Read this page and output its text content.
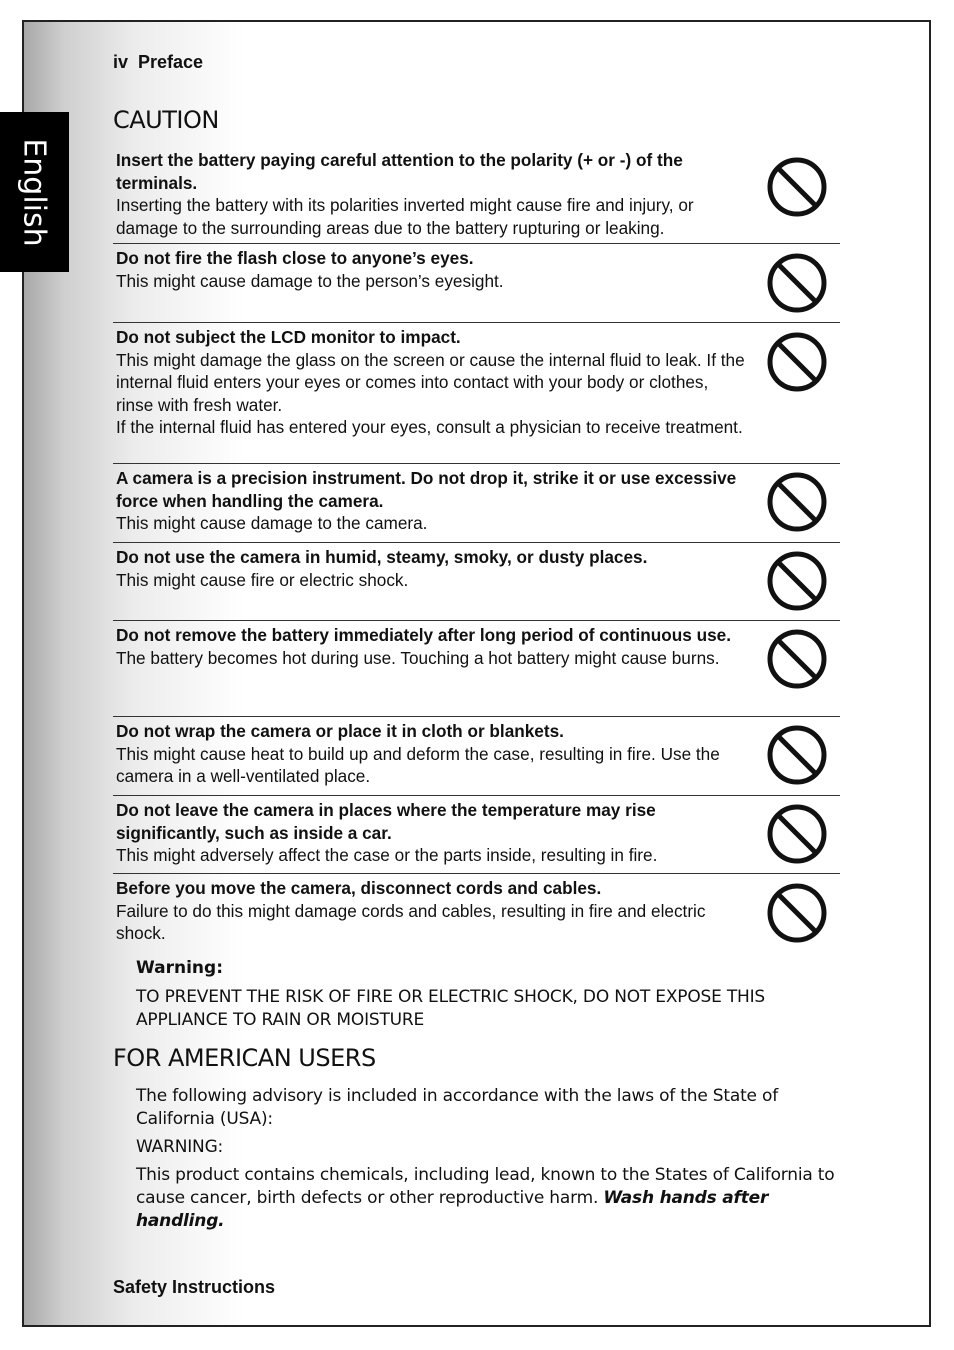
English
iv  Preface
CAUTION
Insert the battery paying careful attention to the polarity (+ or -) of the terminals.
Inserting the battery with its polarities inverted might cause fire and injury, or damage to the surrounding areas due to the battery rupturing or leaking.
Do not fire the flash close to anyone’s eyes.
This might cause damage to the person’s eyesight.
Do not subject the LCD monitor to impact.
This might damage the glass on the screen or cause the internal fluid to leak. If the internal fluid enters your eyes or comes into contact with your body or clothes, rinse with fresh water.
If the internal fluid has entered your eyes, consult a physician to receive treatment.
A camera is a precision instrument. Do not drop it, strike it or use excessive force when handling the camera.
This might cause damage to the camera.
Do not use the camera in humid, steamy, smoky, or dusty places.
This might cause fire or electric shock.
Do not remove the battery immediately after long period of continuous use.
The battery becomes hot during use. Touching a hot battery might cause burns.
Do not wrap the camera or place it in cloth or blankets.
This might cause heat to build up and deform the case, resulting in fire. Use the camera in a well-ventilated place.
Do not leave the camera in places where the temperature may rise significantly, such as inside a car.
This might adversely affect the case or the parts inside, resulting in fire.
Before you move the camera, disconnect cords and cables.
Failure to do this might damage cords and cables, resulting in fire and electric shock.
Warning:
TO PREVENT THE RISK OF FIRE OR ELECTRIC SHOCK, DO NOT EXPOSE THIS APPLIANCE TO RAIN OR MOISTURE
FOR AMERICAN USERS

The following advisory is included in accordance with the laws of the State of California (USA):

WARNING:

This product contains chemicals, including lead, known to the States of California to cause cancer, birth defects or other reproductive harm. Wash hands after handling.

Safety Instructions
